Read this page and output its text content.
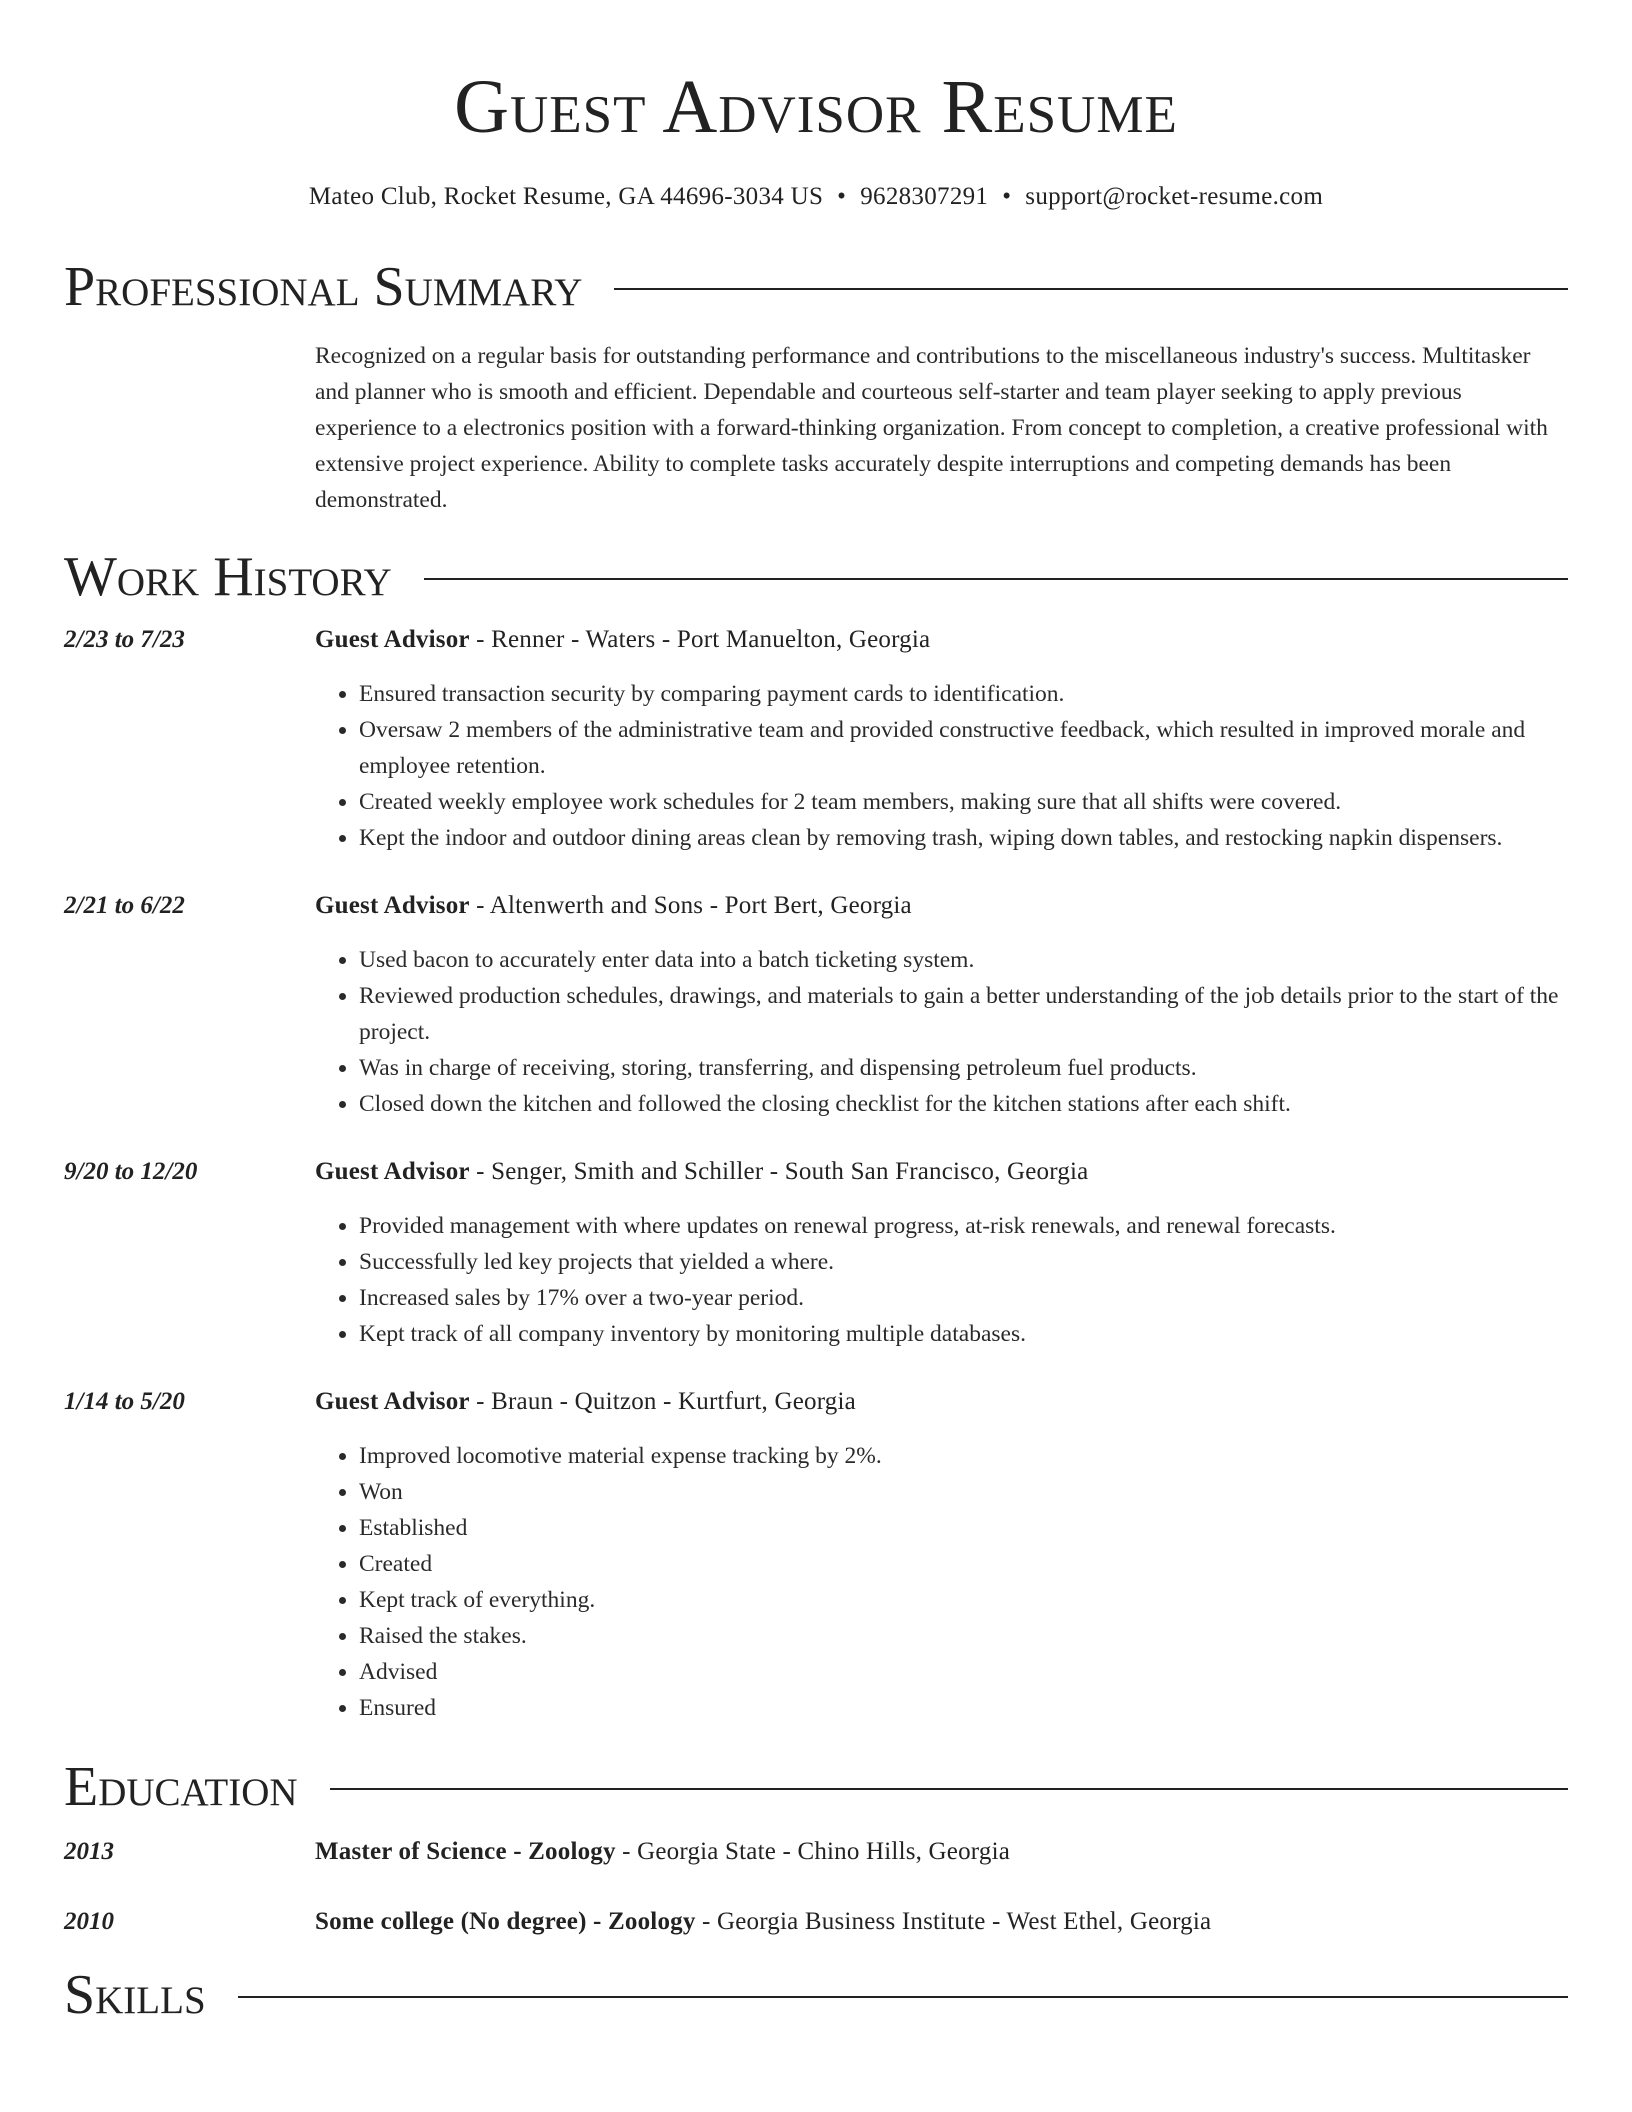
Guest Advisor Resume
Mateo Club, Rocket Resume, GA 44696-3034 US • 9628307291 • support@rocket-resume.com
Professional Summary
Recognized on a regular basis for outstanding performance and contributions to the miscellaneous industry's success. Multitasker and planner who is smooth and efficient. Dependable and courteous self-starter and team player seeking to apply previous experience to a electronics position with a forward-thinking organization. From concept to completion, a creative professional with extensive project experience. Ability to complete tasks accurately despite interruptions and competing demands has been demonstrated.
Work History
2/23 to 7/23	Guest Advisor - Renner - Waters - Port Manuelton, Georgia
• Ensured transaction security by comparing payment cards to identification.
• Oversaw 2 members of the administrative team and provided constructive feedback, which resulted in improved morale and employee retention.
• Created weekly employee work schedules for 2 team members, making sure that all shifts were covered.
• Kept the indoor and outdoor dining areas clean by removing trash, wiping down tables, and restocking napkin dispensers.
2/21 to 6/22	Guest Advisor - Altenwerth and Sons - Port Bert, Georgia
• Used bacon to accurately enter data into a batch ticketing system.
• Reviewed production schedules, drawings, and materials to gain a better understanding of the job details prior to the start of the project.
• Was in charge of receiving, storing, transferring, and dispensing petroleum fuel products.
• Closed down the kitchen and followed the closing checklist for the kitchen stations after each shift.
9/20 to 12/20	Guest Advisor - Senger, Smith and Schiller - South San Francisco, Georgia
• Provided management with where updates on renewal progress, at-risk renewals, and renewal forecasts.
• Successfully led key projects that yielded a where.
• Increased sales by 17% over a two-year period.
• Kept track of all company inventory by monitoring multiple databases.
1/14 to 5/20	Guest Advisor - Braun - Quitzon - Kurtfurt, Georgia
• Improved locomotive material expense tracking by 2%.
• Won
• Established
• Created
• Kept track of everything.
• Raised the stakes.
• Advised
• Ensured
Education
2013	Master of Science - Zoology - Georgia State - Chino Hills, Georgia
2010	Some college (No degree) - Zoology - Georgia Business Institute - West Ethel, Georgia
Skills
